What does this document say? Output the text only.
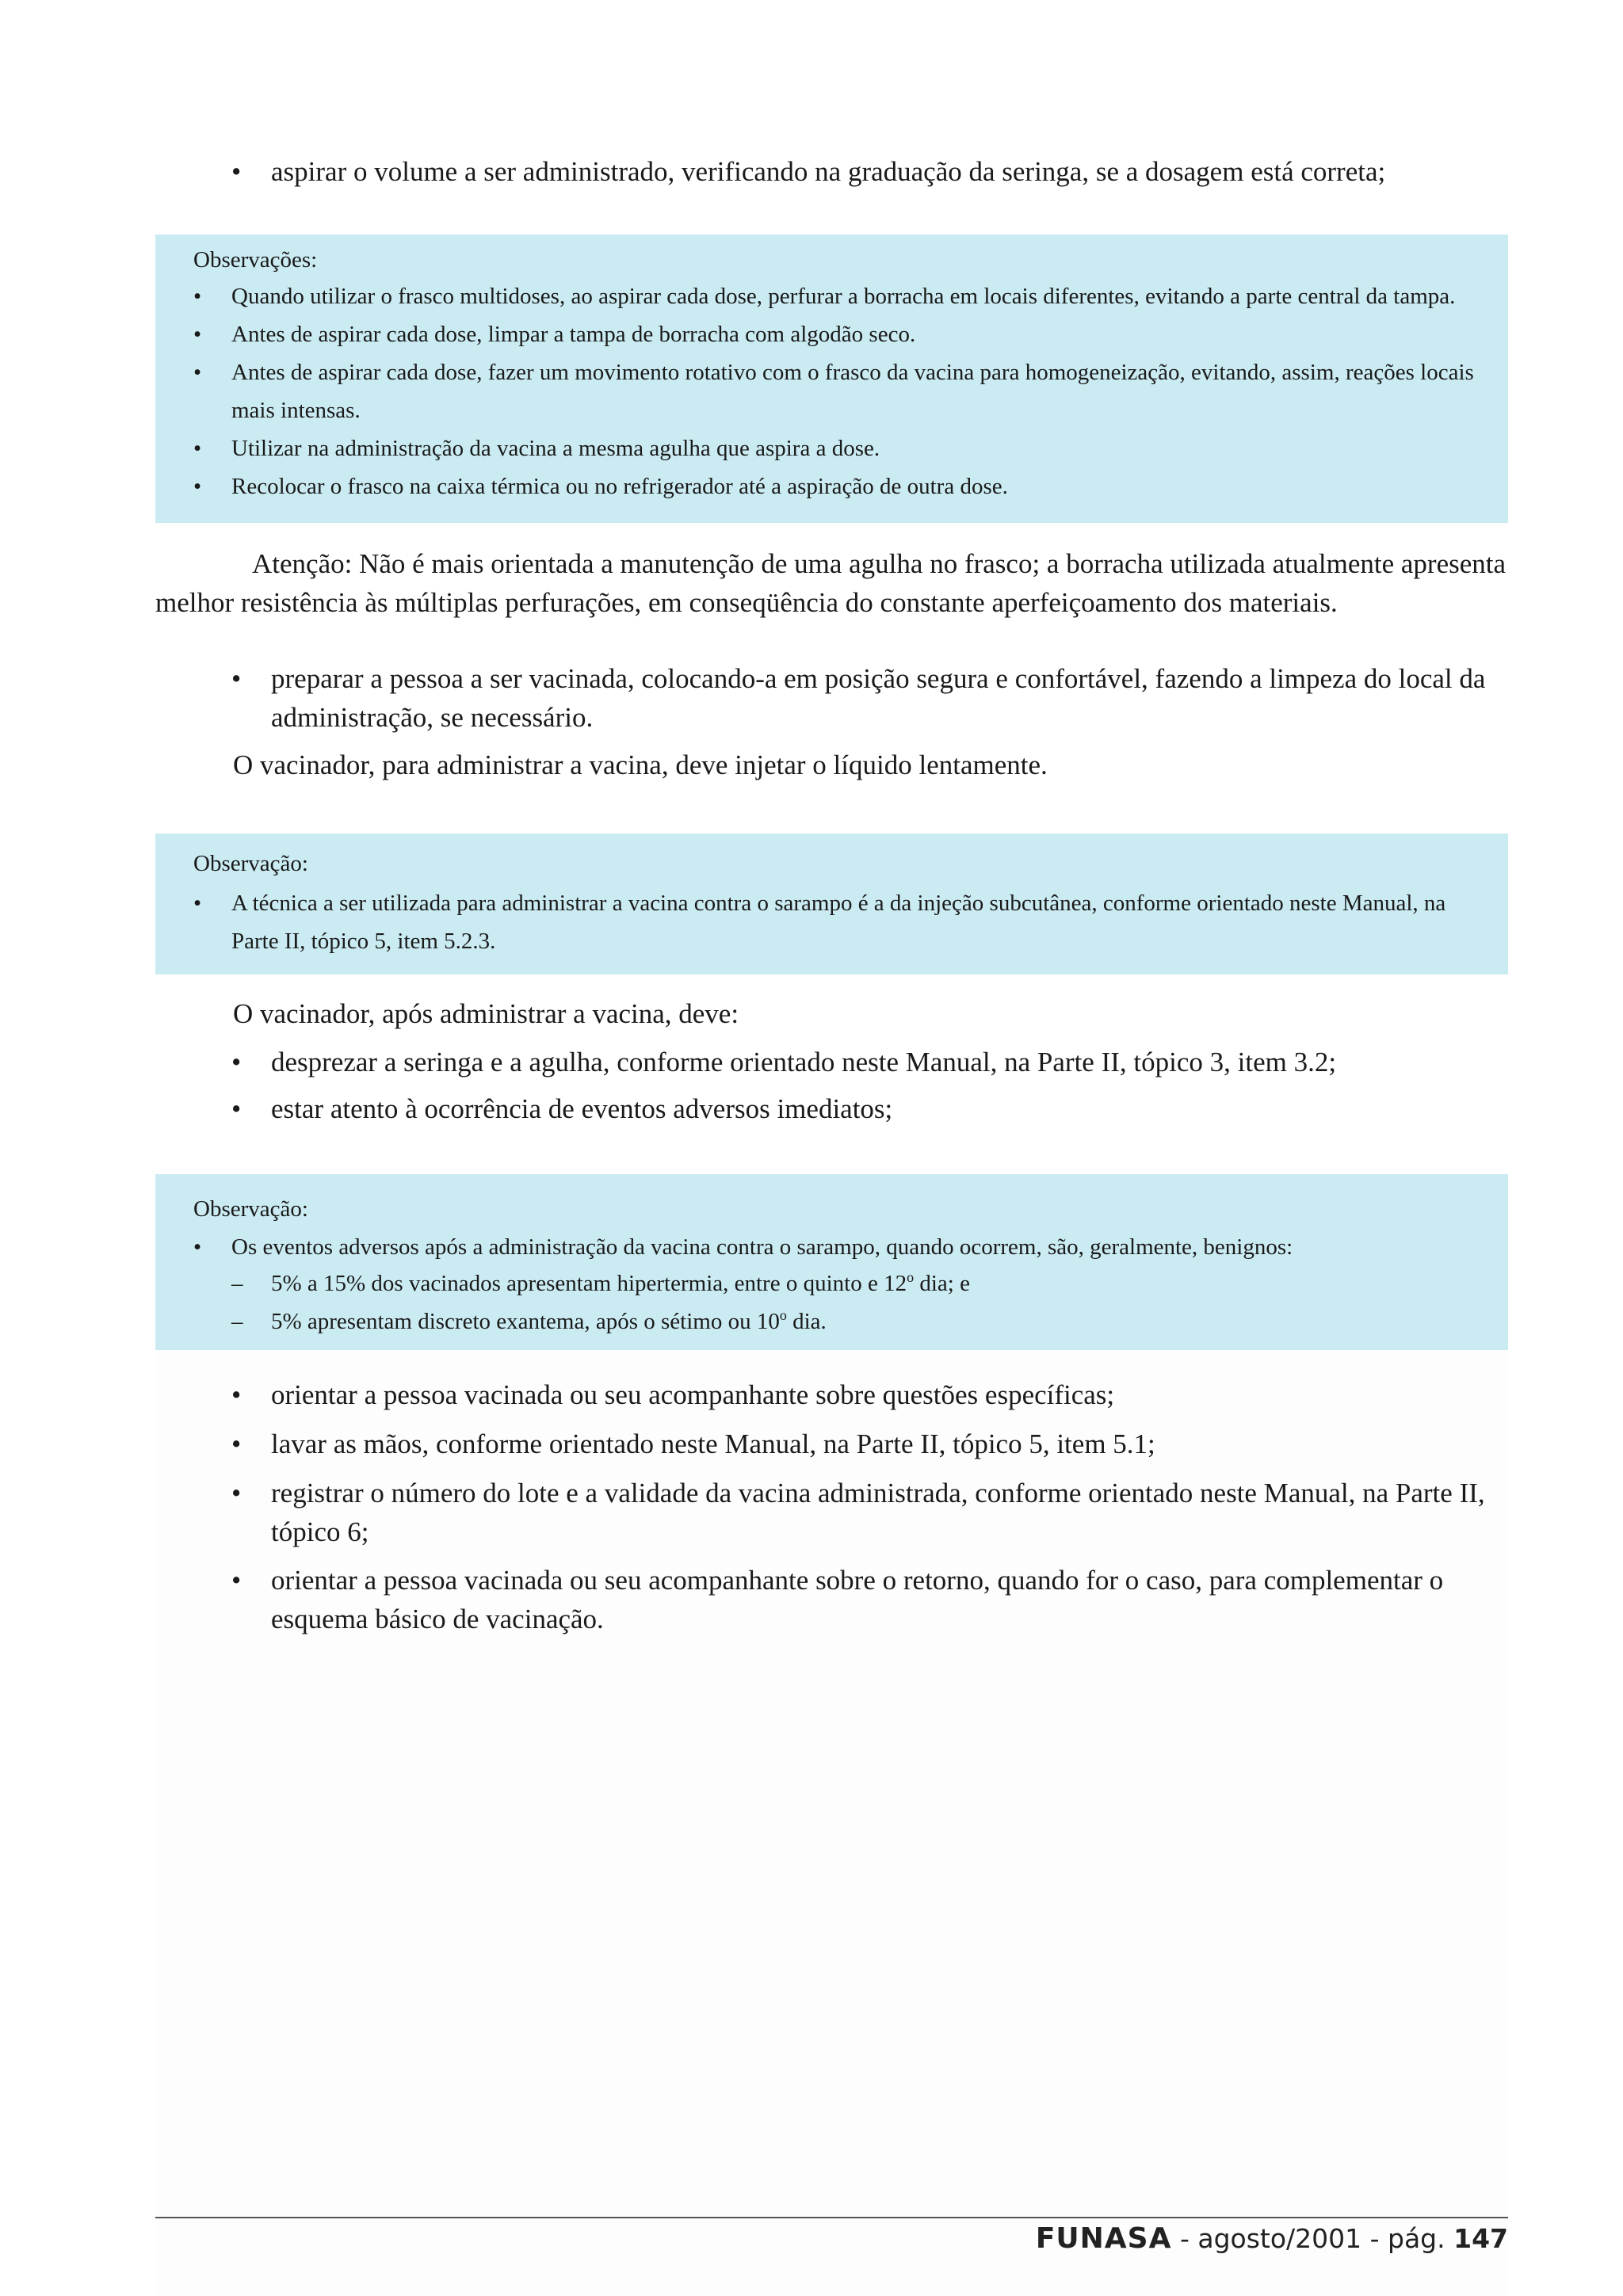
• aspirar o volume a ser administrado, verificando na graduação da seringa, se a dosagem está correta;
Observações:
• Quando utilizar o frasco multidoses, ao aspirar cada dose, perfurar a borracha em locais diferentes, evitando a parte central da tampa.
• Antes de aspirar cada dose, limpar a tampa de borracha com algodão seco.
• Antes de aspirar cada dose, fazer um movimento rotativo com o frasco da vacina para homogeneização, evitando, assim, reações locais
mais intensas.
• Utilizar na administração da vacina a mesma agulha que aspira a dose.
• Recolocar o frasco na caixa térmica ou no refrigerador até a aspiração de outra dose.
Atenção: Não é mais orientada a manutenção de uma agulha no frasco; a borracha utilizada atualmente apresenta
melhor resistência às múltiplas perfurações, em conseqüência do constante aperfeiçoamento dos materiais.
• preparar a pessoa a ser vacinada, colocando-a em posição segura e confortável, fazendo a limpeza do local da
administração, se necessário.
O vacinador, para administrar a vacina, deve injetar o líquido lentamente.
Observação:
• A técnica a ser utilizada para administrar a vacina contra o sarampo é a da injeção subcutânea, conforme orientado neste Manual, na
Parte II, tópico 5, item 5.2.3.
O vacinador, após administrar a vacina, deve:
• desprezar a seringa e a agulha, conforme orientado neste Manual, na Parte II, tópico 3, item 3.2;
• estar atento à ocorrência de eventos adversos imediatos;
Observação:
• Os eventos adversos após a administração da vacina contra o sarampo, quando ocorrem, são, geralmente, benignos:
– 5% a 15% dos vacinados apresentam hipertermia, entre o quinto e 12$^o$ dia; e
– 5% apresentam discreto exantema, após o sétimo ou 10$^o$ dia.
• orientar a pessoa vacinada ou seu acompanhante sobre questões específicas;
• lavar as mãos, conforme orientado neste Manual, na Parte II, tópico 5, item 5.1;
• registrar o número do lote e a validade da vacina administrada, conforme orientado neste Manual, na Parte II,
tópico 6;
• orientar a pessoa vacinada ou seu acompanhante sobre o retorno, quando for o caso, para complementar o
esquema básico de vacinação.
FUNASA - agosto/2001 - pág. 147
